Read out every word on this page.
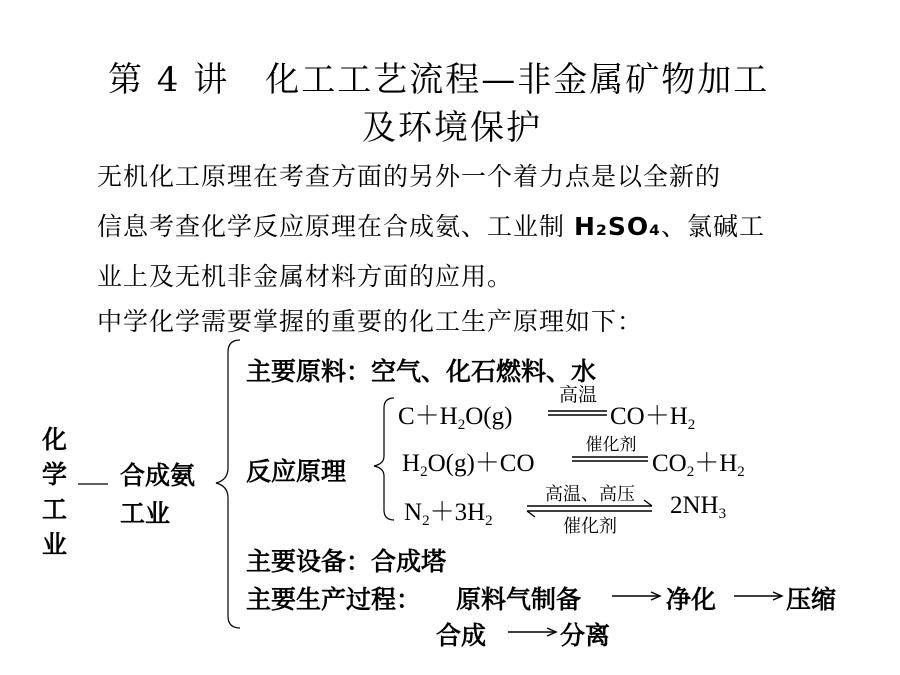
第 4 讲　化工工艺流程—非金属矿物加工
及环境保护
无机化工原理在考查方面的另外一个着力点是以全新的
信息考查化学反应原理在合成氨、工业制 H₂SO₄、氯碱工
业上及无机非金属材料方面的应用。
中学化学需要掌握的重要的化工生产原理如下：
化
学
工
业
合成氨
工业
主要原料：空气、化石燃料、水
反应原理
$C+H_2O(g)$
高温
$CO+H_2$
$H_2O(g)+CO$
催化剂
$CO_2+H_2$
$N_2+3H_2$
高温、高压
催化剂
$2NH_3$
主要设备：合成塔
主要生产过程： 原料气制备	净化	压缩
合成	分离
